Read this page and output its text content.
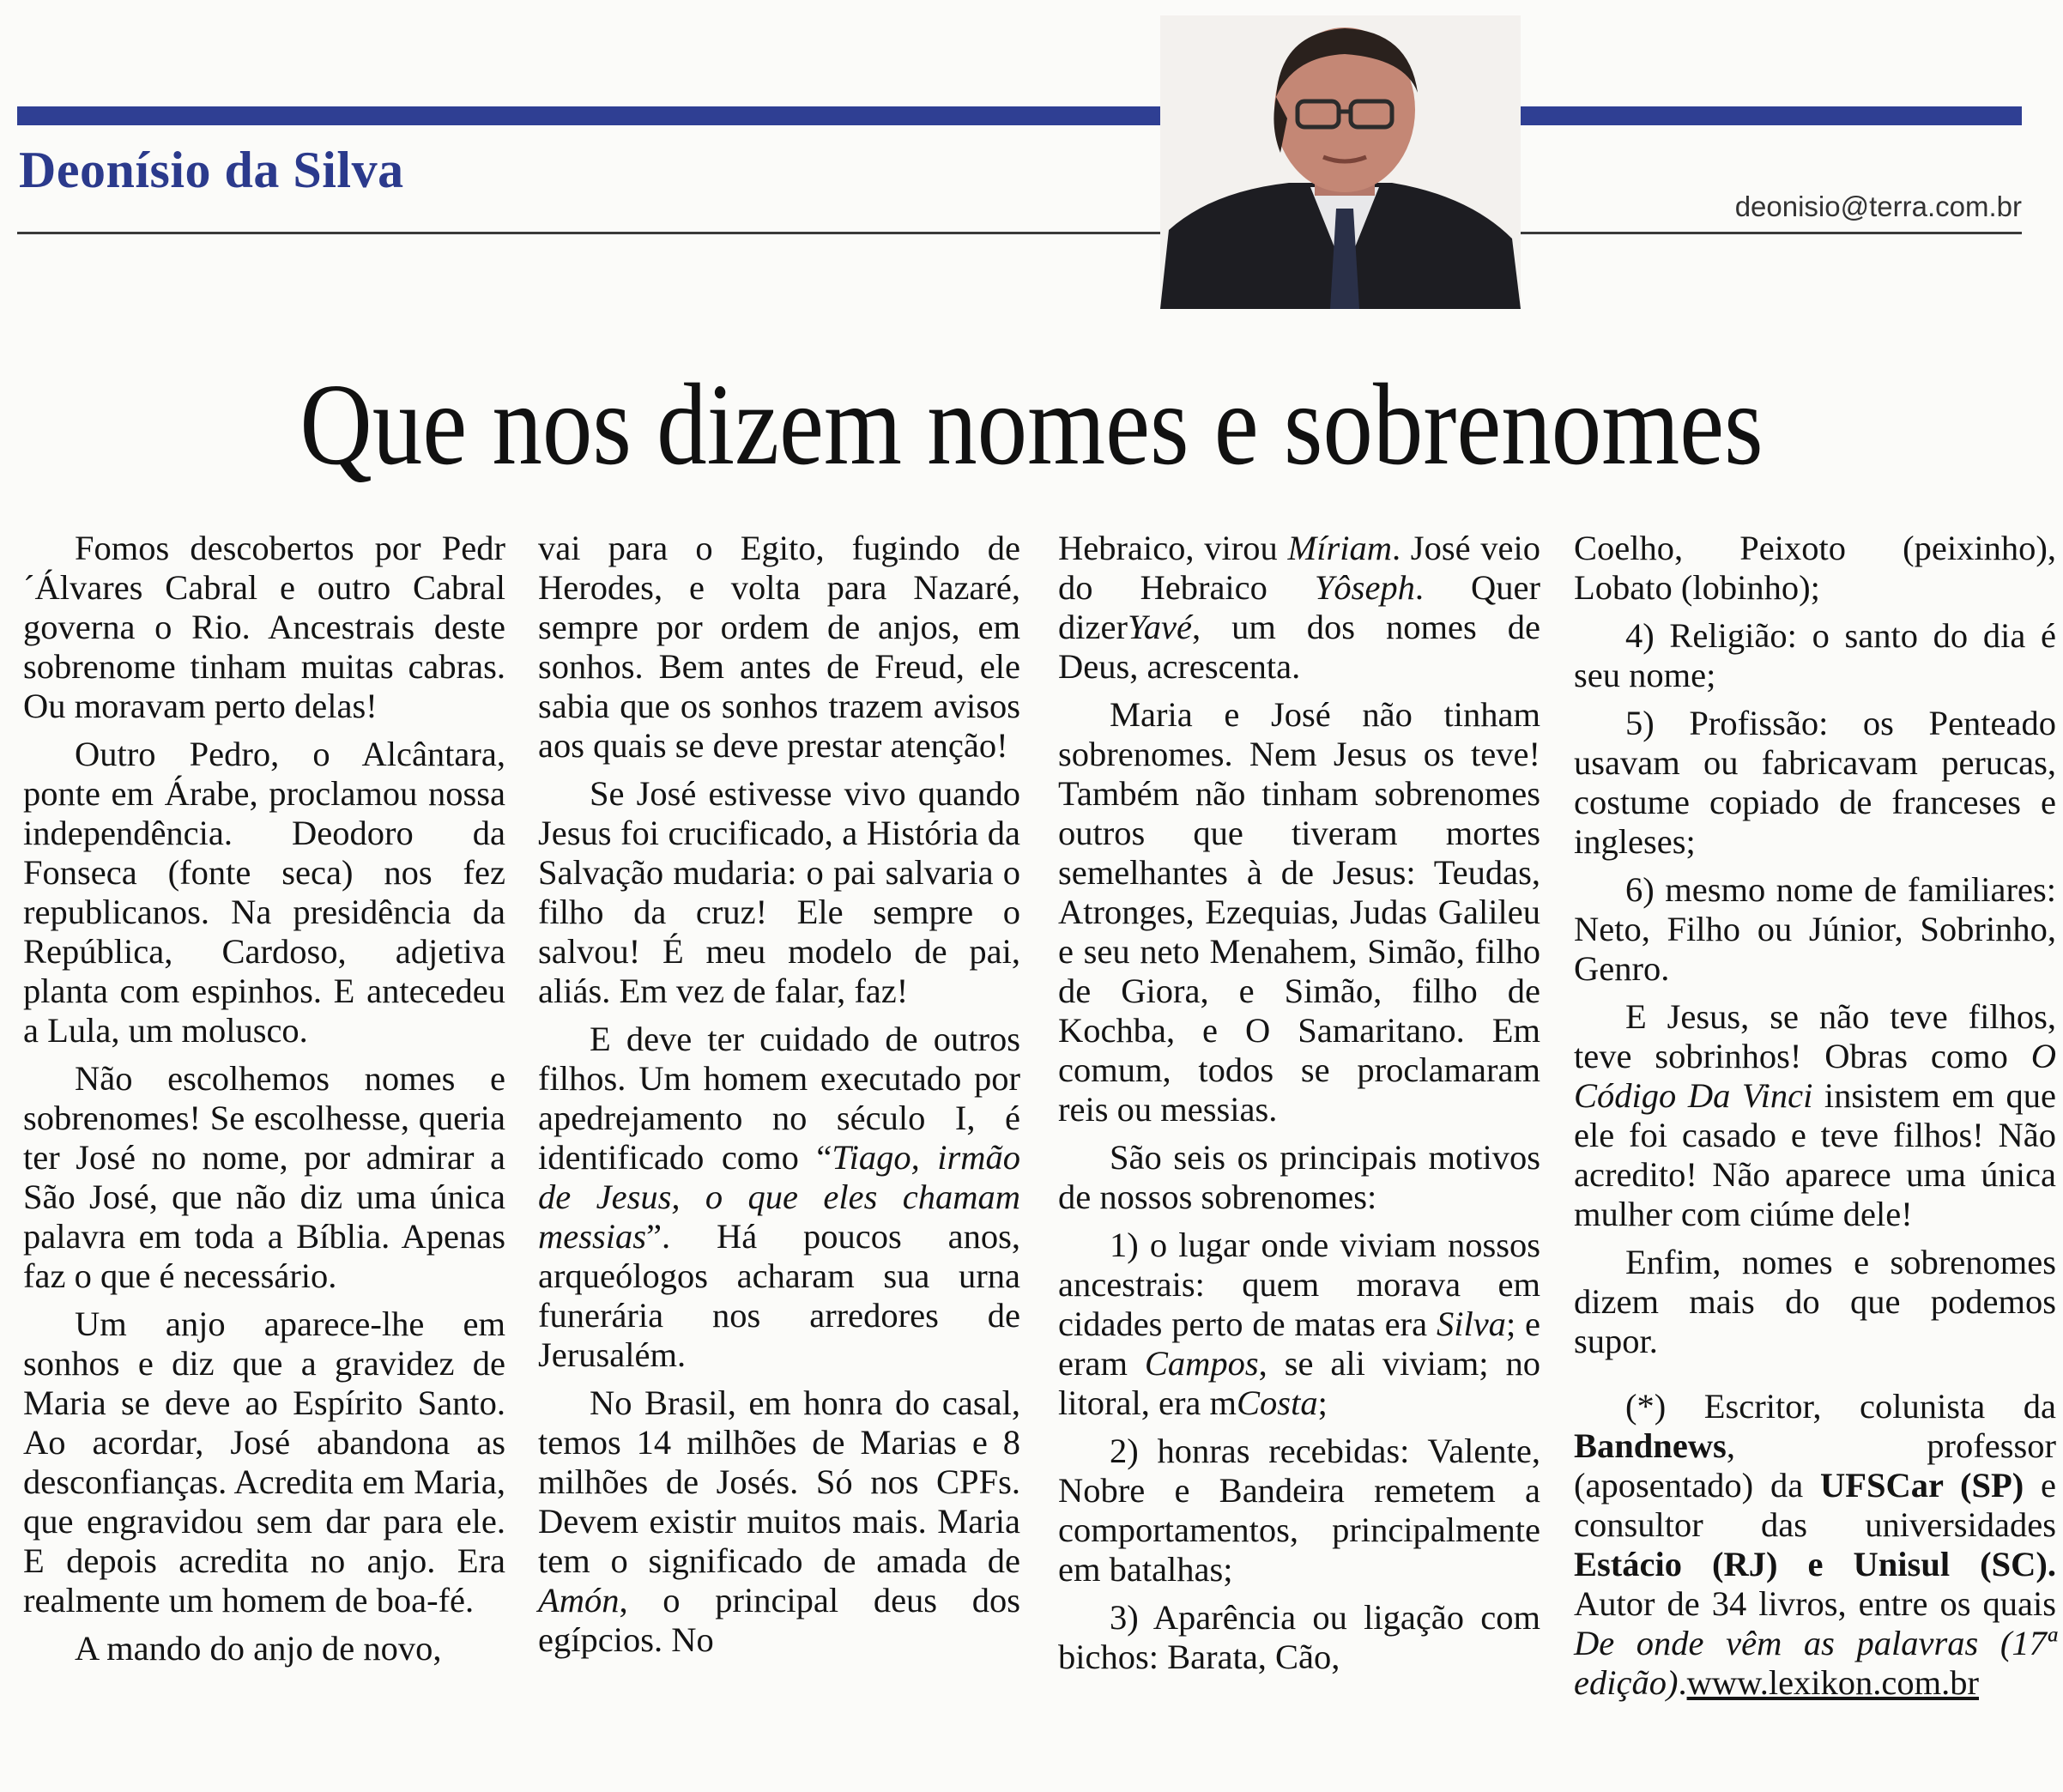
Deonísio da Silva
deonisio@terra.com.br
Que nos dizem nomes e sobrenomes

Fomos descobertos por Pedr´Álvares Cabral e outro Cabral governa o Rio. Ancestrais deste sobrenome tinham muitas cabras. Ou moravam perto delas!

Outro Pedro, o Alcântara, ponte em Árabe, proclamou nossa independência. Deodoro da Fonseca (fonte seca) nos fez republicanos. Na presidência da República, Cardoso, adjetiva planta com espinhos. E antecedeu a Lula, um molusco.

Não escolhemos nomes e sobrenomes! Se escolhesse, queria ter José no nome, por admirar a São José, que não diz uma única palavra em toda a Bíblia. Apenas faz o que é necessário.

Um anjo aparece-lhe em sonhos e diz que a gravidez de Maria se deve ao Espírito Santo. Ao acordar, José abandona as desconfianças. Acredita em Maria, que engravidou sem dar para ele. E depois acredita no anjo. Era realmente um homem de boa-fé.

A mando do anjo de novo,

vai para o Egito, fugindo de Herodes, e volta para Nazaré, sempre por ordem de anjos, em sonhos. Bem antes de Freud, ele sabia que os sonhos trazem avisos aos quais se deve prestar atenção!

Se José estivesse vivo quando Jesus foi crucificado, a História da Salvação mudaria: o pai salvaria o filho da cruz! Ele sempre o salvou! É meu modelo de pai, aliás. Em vez de falar, faz!

E deve ter cuidado de outros filhos. Um homem executado por apedrejamento no século I, é identificado como “Tiago, irmão de Jesus, o que eles chamam messias”. Há poucos anos, arqueólogos acharam sua urna funerária nos arredores de Jerusalém.

No Brasil, em honra do casal, temos 14 milhões de Marias e 8 milhões de Josés. Só nos CPFs. Devem existir muitos mais. Maria tem o significado de amada de Amón, o principal deus dos egípcios. No

Hebraico, virou Míriam. José veio do Hebraico Yôseph. Quer dizerYavé, um dos nomes de Deus, acrescenta.

Maria e José não tinham sobrenomes. Nem Jesus os teve! Também não tinham sobrenomes outros que tiveram mortes semelhantes à de Jesus: Teudas, Atronges, Ezequias, Judas Galileu e seu neto Menahem, Simão, filho de Giora, e Simão, filho de Kochba, e O Samaritano. Em comum, todos se proclamaram reis ou messias.

São seis os principais motivos de nossos sobrenomes:

1) o lugar onde viviam nossos ancestrais: quem morava em cidades perto de matas era Silva; e eram Campos, se ali viviam; no litoral, era mCosta;

2) honras recebidas: Valente, Nobre e Bandeira remetem a comportamentos, principalmente em batalhas;

3) Aparência ou ligação com bichos: Barata, Cão,

Coelho, Peixoto (peixinho), Lobato (lobinho);

4) Religião: o santo do dia é seu nome;

5) Profissão: os Penteado usavam ou fabricavam perucas, costume copiado de franceses e ingleses;

6) mesmo nome de familiares: Neto, Filho ou Júnior, Sobrinho, Genro.

E Jesus, se não teve filhos, teve sobrinhos! Obras como O Código Da Vinci insistem em que ele foi casado e teve filhos! Não acredito! Não aparece uma única mulher com ciúme dele!

Enfim, nomes e sobrenomes dizem mais do que podemos supor.

(*) Escritor, colunista da Bandnews, professor (aposentado) da UFSCar (SP) e consultor das universidades Estácio (RJ) e Unisul (SC). Autor de 34 livros, entre os quais De onde vêm as palavras (17ª edição).www.lexikon.com.br
